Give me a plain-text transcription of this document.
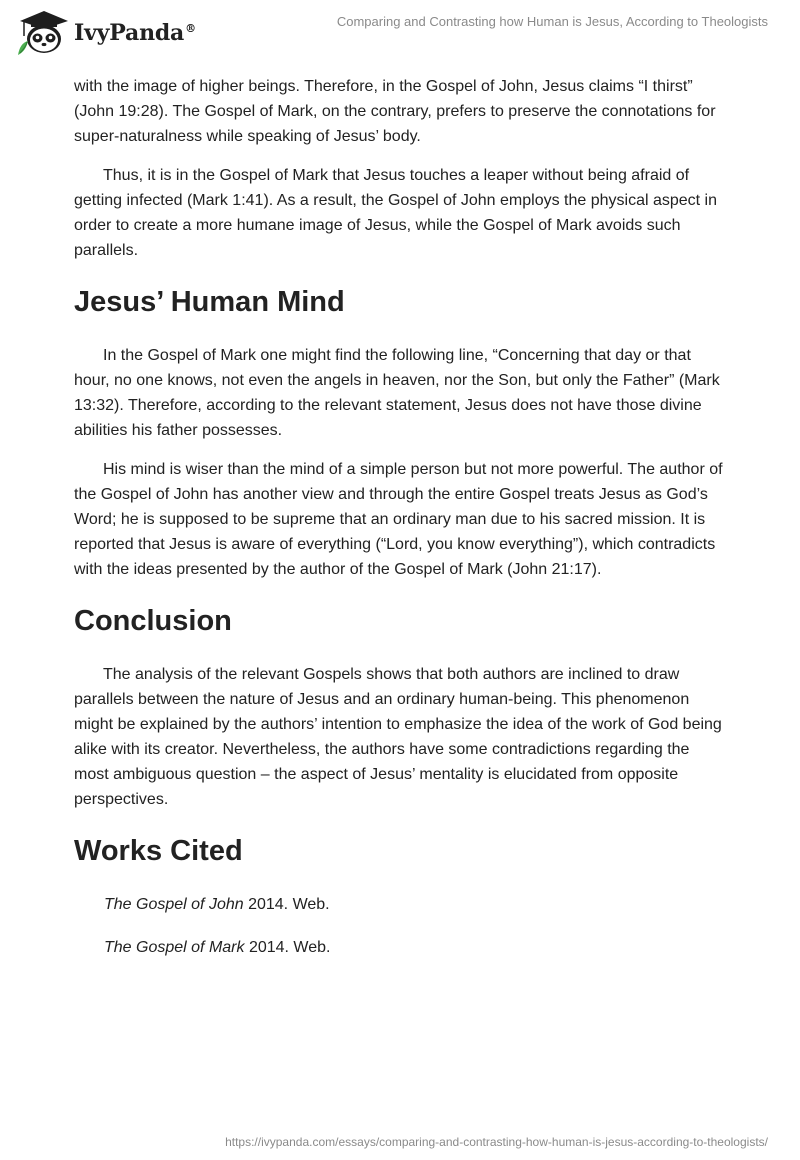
IvyPanda®	Comparing and Contrasting how Human is Jesus, According to Theologists

with the image of higher beings. Therefore, in the Gospel of John, Jesus claims “I thirst” (John 19:28). The Gospel of Mark, on the contrary, prefers to preserve the connotations for super-naturalness while speaking of Jesus’ body.

Thus, it is in the Gospel of Mark that Jesus touches a leaper without being afraid of getting infected (Mark 1:41). As a result, the Gospel of John employs the physical aspect in order to create a more humane image of Jesus, while the Gospel of Mark avoids such parallels.

Jesus’ Human Mind

In the Gospel of Mark one might find the following line, “Concerning that day or that hour, no one knows, not even the angels in heaven, nor the Son, but only the Father” (Mark 13:32). Therefore, according to the relevant statement, Jesus does not have those divine abilities his father possesses.

His mind is wiser than the mind of a simple person but not more powerful. The author of the Gospel of John has another view and through the entire Gospel treats Jesus as God’s Word; he is supposed to be supreme that an ordinary man due to his sacred mission. It is reported that Jesus is aware of everything (“Lord, you know everything”), which contradicts with the ideas presented by the author of the Gospel of Mark (John 21:17).

Conclusion

The analysis of the relevant Gospels shows that both authors are inclined to draw parallels between the nature of Jesus and an ordinary human-being. This phenomenon might be explained by the authors’ intention to emphasize the idea of the work of God being alike with its creator. Nevertheless, the authors have some contradictions regarding the most ambiguous question – the aspect of Jesus’ mentality is elucidated from opposite perspectives.

Works Cited

The Gospel of John 2014. Web.

The Gospel of Mark 2014. Web.

https://ivypanda.com/essays/comparing-and-contrasting-how-human-is-jesus-according-to-theologists/
